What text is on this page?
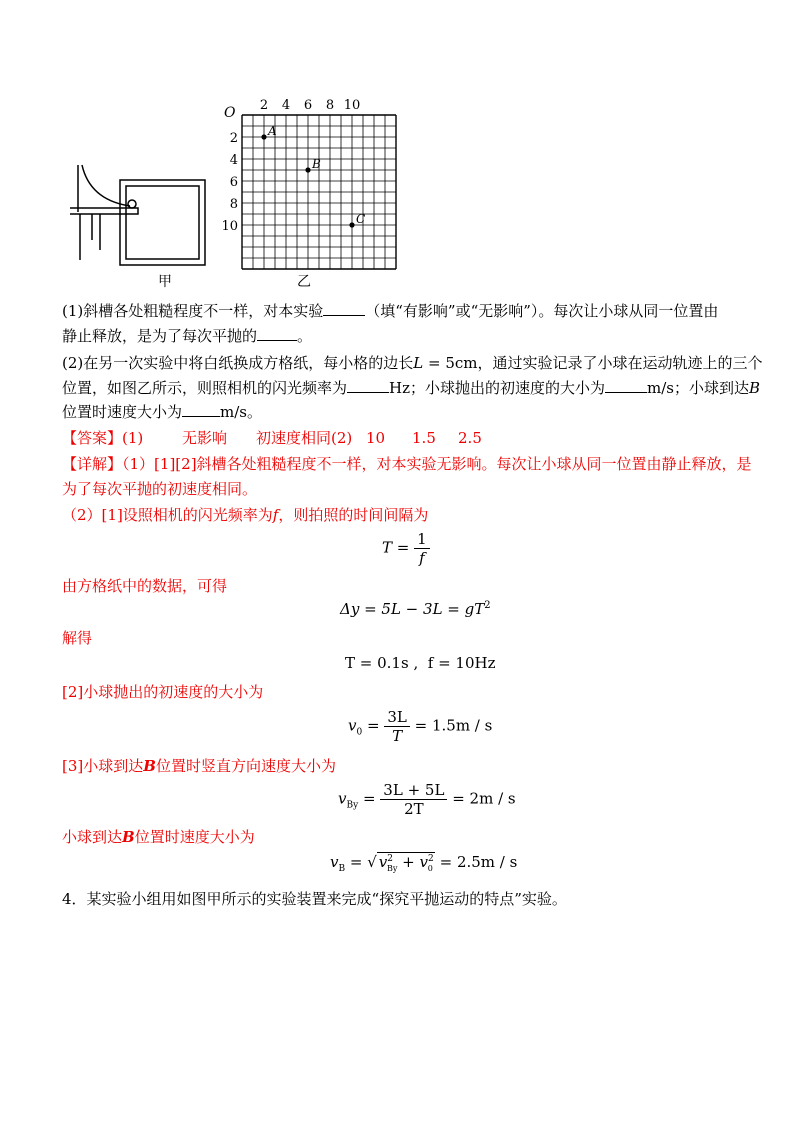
甲
O 2 4 6 8 10
2
4
6
8
10
A
B
C
乙
(1)斜槽各处粗糙程度不一样，对本实验	（填“有影响”或“无影响”）。每次让小球从同一位置由
静止释放，是为了每次平抛的	。
(2)在另一次实验中将白纸换成方格纸，每小格的边长L = 5cm，通过实验记录了小球在运动轨迹上的三个
位置，如图乙所示，则照相机的闪光频率为	Hz；小球抛出的初速度的大小为	m/s；小球到达B
位置时速度大小为	m/s。
【答案】(1)	无影响 初速度相同(2) 10 1.5 2.5
【详解】（1）[1][2]斜槽各处粗糙程度不一样，对本实验无影响。每次让小球从同一位置由静止释放，是
为了每次平抛的初速度相同。
（2）[1]设照相机的闪光频率为f，则拍照的时间间隔为
$T = \frac{1}{f}$
由方格纸中的数据，可得
$\Delta y = 5L - 3L = gT^2$
解得
T = 0.1s ,  f = 10Hz
[2]小球抛出的初速度的大小为
$v_0 = \frac{3L}{T} = 1.5m / s$
[3]小球到达B位置时竖直方向速度大小为
$v_{By} = \frac{3L + 5L}{2T} = 2m / s$
小球到达B位置时速度大小为
$v_B$ = √ $v^2_{By} + v^2_0 = 2.5m / s$
4．某实验小组用如图甲所示的实验装置来完成“探究平抛运动的特点”实验。
